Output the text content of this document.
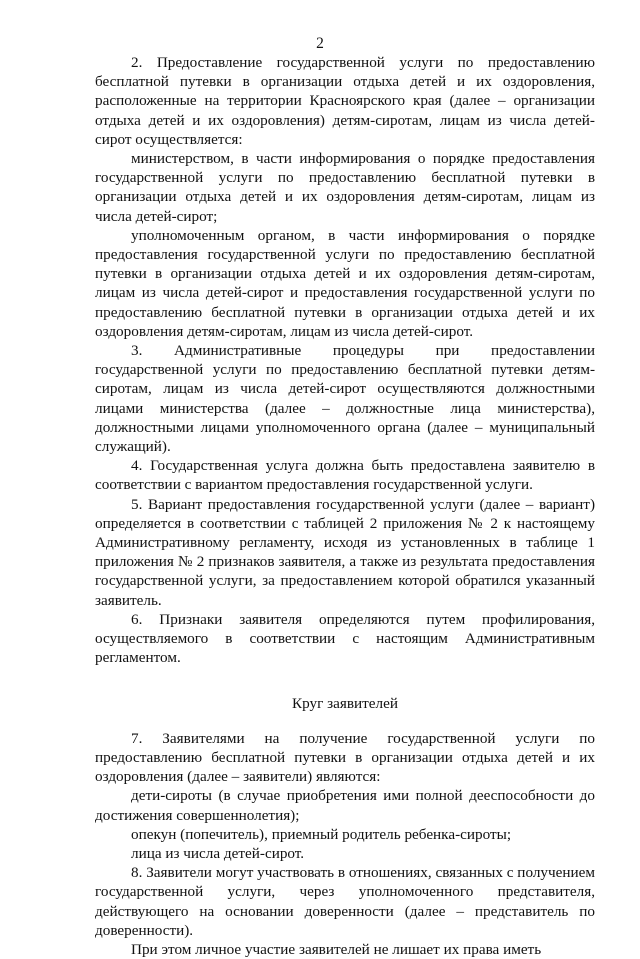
2

2. Предоставление государственной услуги по предоставлению бесплатной путевки в организации отдыха детей и их оздоровления, расположенные на территории Красноярского края (далее – организации отдыха детей и их оздоровления) детям-сиротам, лицам из числа детей-сирот осуществляется:

министерством, в части информирования о порядке предоставления государственной услуги по предоставлению бесплатной путевки в организации отдыха детей и их оздоровления детям-сиротам, лицам из числа детей-сирот;

уполномоченным органом, в части информирования о порядке предоставления государственной услуги по предоставлению бесплатной путевки в организации отдыха детей и их оздоровления детям-сиротам, лицам из числа детей-сирот и предоставления государственной услуги по предоставлению бесплатной путевки в организации отдыха детей и их оздоровления детям-сиротам, лицам из числа детей-сирот.

3. Административные процедуры при предоставлении государственной услуги по предоставлению бесплатной путевки детям-сиротам, лицам из числа детей-сирот осуществляются должностными лицами министерства (далее – должностные лица министерства), должностными лицами уполномоченного органа (далее – муниципальный служащий).

4. Государственная услуга должна быть предоставлена заявителю в соответствии с вариантом предоставления государственной услуги.

5. Вариант предоставления государственной услуги (далее – вариант) определяется в соответствии с таблицей 2 приложения № 2 к настоящему Административному регламенту, исходя из установленных в таблице 1 приложения № 2 признаков заявителя, а также из результата предоставления государственной услуги, за предоставлением которой обратился указанный заявитель.

6. Признаки заявителя определяются путем профилирования, осуществляемого в соответствии с настоящим Административным регламентом.

Круг заявителей

7. Заявителями на получение государственной услуги по предоставлению бесплатной путевки в организации отдыха детей и их оздоровления (далее – заявители) являются:

дети-сироты (в случае приобретения ими полной дееспособности до достижения совершеннолетия);

опекун (попечитель), приемный родитель ребенка-сироты;

лица из числа детей-сирот.

8. Заявители могут участвовать в отношениях, связанных с получением государственной услуги, через уполномоченного представителя, действующего на основании доверенности (далее – представитель по доверенности).

При этом личное участие заявителей не лишает их права иметь
